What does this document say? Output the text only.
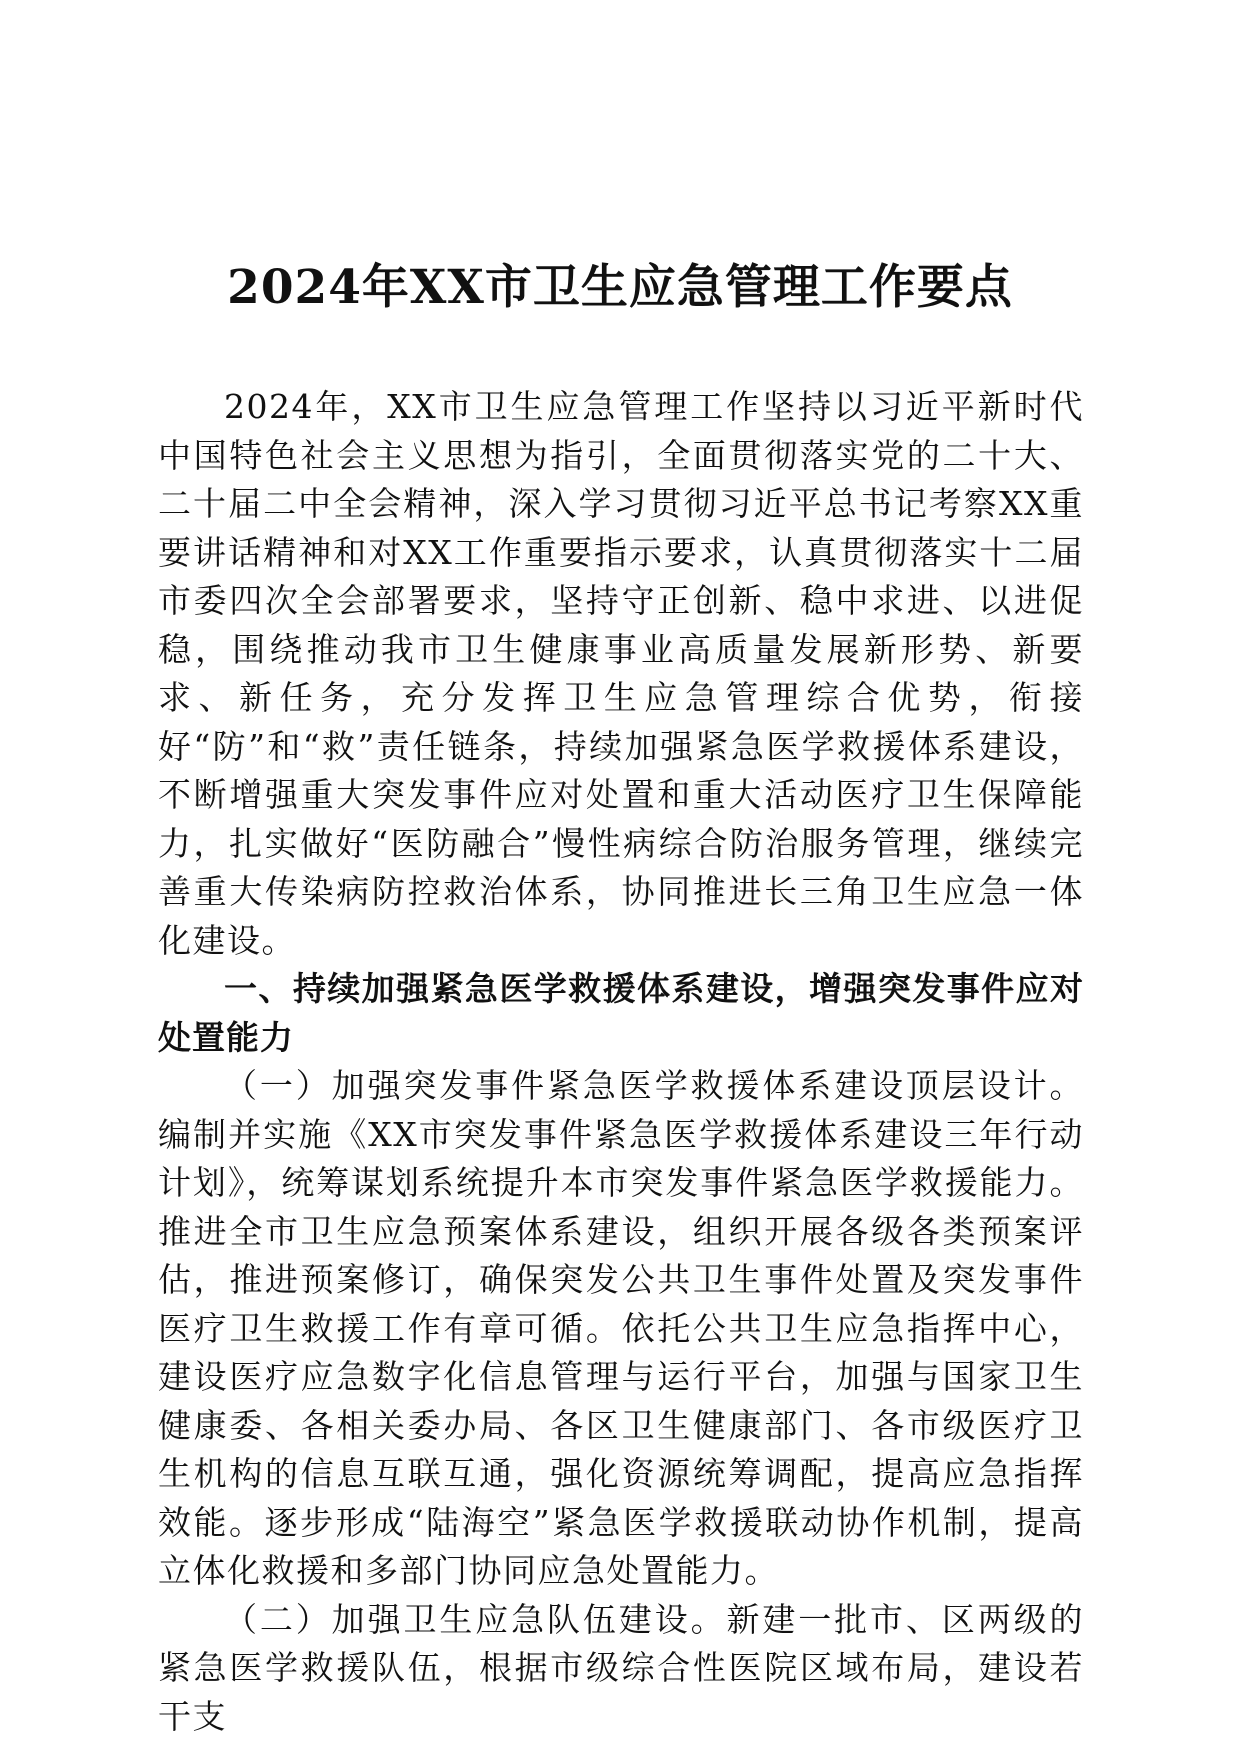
2024年XX市卫生应急管理工作要点

2024年，XX市卫生应急管理工作坚持以习近平新时代中国特色社会主义思想为指引，全面贯彻落实党的二十大、二十届二中全会精神，深入学习贯彻习近平总书记考察XX重要讲话精神和对XX工作重要指示要求，认真贯彻落实十二届市委四次全会部署要求，坚持守正创新、稳中求进、以进促稳，围绕推动我市卫生健康事业高质量发展新形势、新要求、新任务，充分发挥卫生应急管理综合优势，衔接好“防”和“救”责任链条，持续加强紧急医学救援体系建设，不断增强重大突发事件应对处置和重大活动医疗卫生保障能力，扎实做好“医防融合”慢性病综合防治服务管理，继续完善重大传染病防控救治体系，协同推进长三角卫生应急一体化建设。

一、持续加强紧急医学救援体系建设，增强突发事件应对处置能力

（一）加强突发事件紧急医学救援体系建设顶层设计。编制并实施《XX市突发事件紧急医学救援体系建设三年行动计划》，统筹谋划系统提升本市突发事件紧急医学救援能力。推进全市卫生应急预案体系建设，组织开展各级各类预案评估，推进预案修订，确保突发公共卫生事件处置及突发事件医疗卫生救援工作有章可循。依托公共卫生应急指挥中心，建设医疗应急数字化信息管理与运行平台，加强与国家卫生健康委、各相关委办局、各区卫生健康部门、各市级医疗卫生机构的信息互联互通，强化资源统筹调配，提高应急指挥效能。逐步形成“陆海空”紧急医学救援联动协作机制，提高立体化救援和多部门协同应急处置能力。

（二）加强卫生应急队伍建设。新建一批市、区两级的紧急医学救援队伍，根据市级综合性医院区域布局，建设若干支
